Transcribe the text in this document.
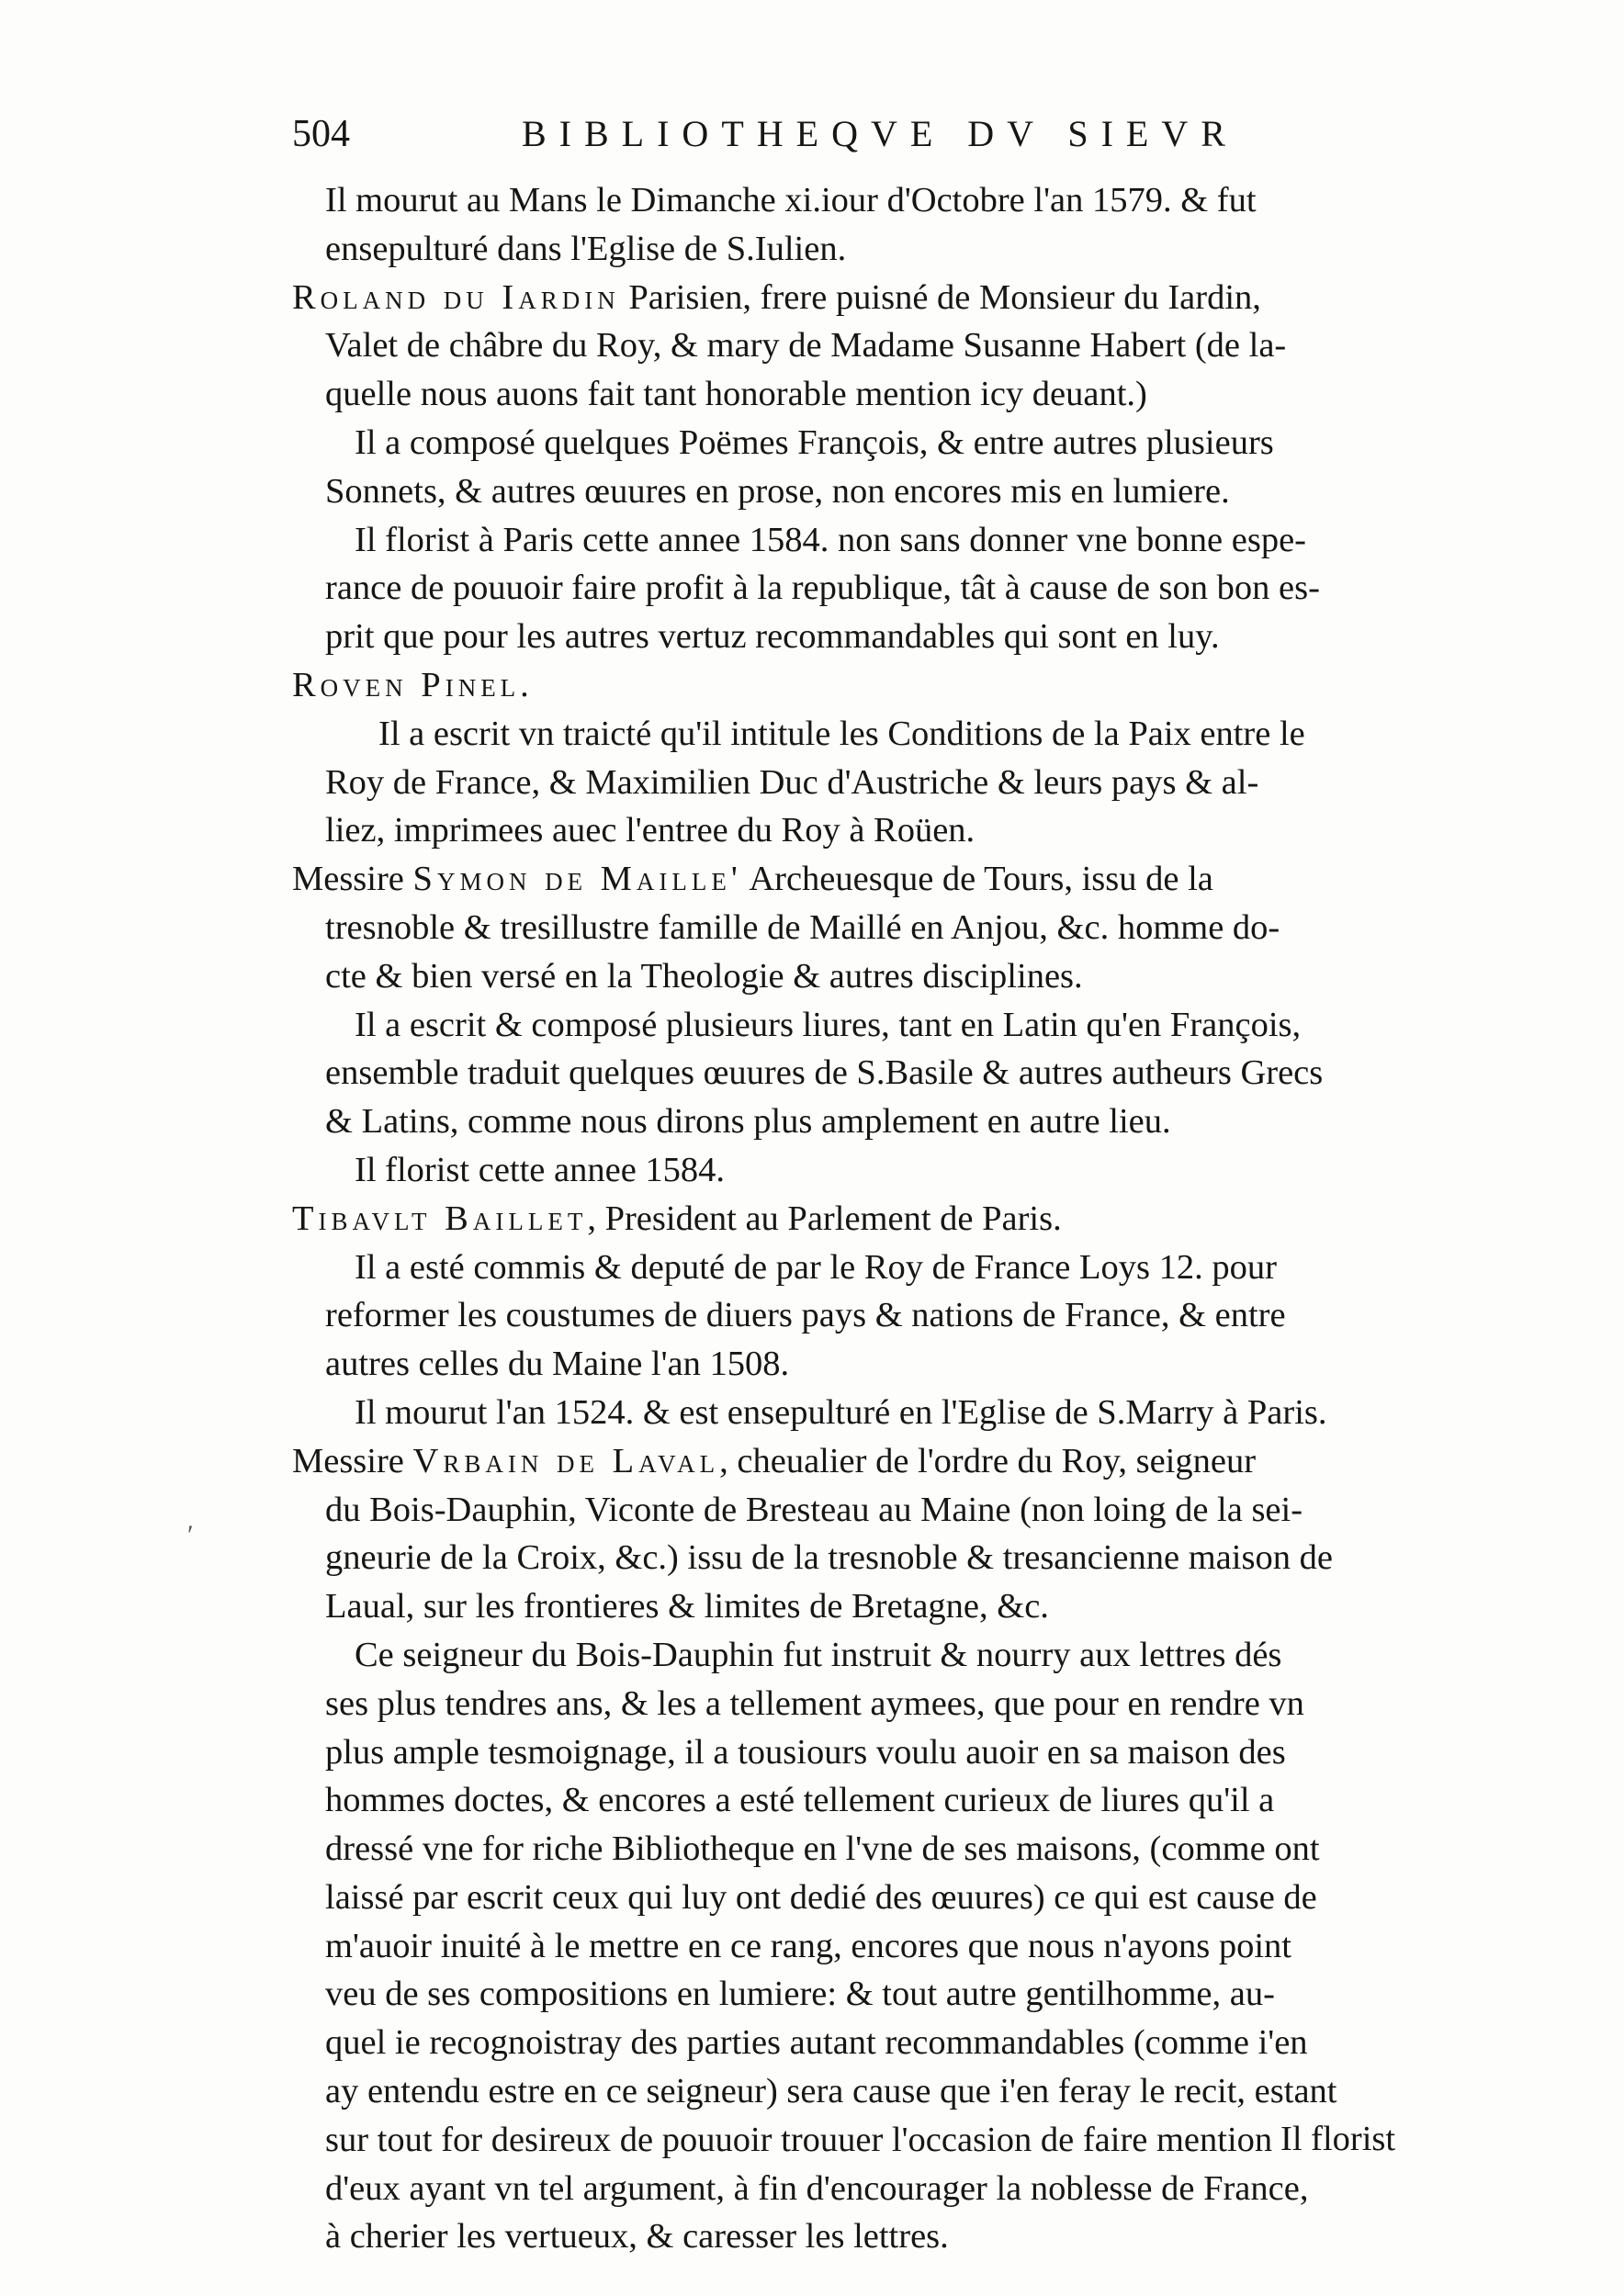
504	BIBLIOTHEQVE DV SIEVR
Il mourut au Mans le Dimanche xi.iour d'Octobre l'an 1579. & fut
ensepulturé dans l'Eglise de S.Iulien.
Roland du Iardin Parisien, frere puisné de Monsieur du Iardin,
Valet de châbre du Roy, & mary de Madame Susanne Habert (de la-
quelle nous auons fait tant honorable mention icy deuant.)
Il a composé quelques Poëmes François, & entre autres plusieurs
Sonnets, & autres œuures en prose, non encores mis en lumiere.
Il florist à Paris cette annee 1584. non sans donner vne bonne espe-
rance de pouuoir faire profit à la republique, tât à cause de son bon es-
prit que pour les autres vertuz recommandables qui sont en luy.
Roven Pinel.
Il a escrit vn traicté qu'il intitule les Conditions de la Paix entre le
Roy de France, & Maximilien Duc d'Austriche & leurs pays & al-
liez, imprimees auec l'entree du Roy à Roüen.
Messire Symon de Maille' Archeuesque de Tours, issu de la
tresnoble & tresillustre famille de Maillé en Anjou, &c. homme do-
cte & bien versé en la Theologie & autres disciplines.
Il a escrit & composé plusieurs liures, tant en Latin qu'en François,
ensemble traduit quelques œuures de S.Basile & autres autheurs Grecs
& Latins, comme nous dirons plus amplement en autre lieu.
Il florist cette annee 1584.
Tibavlt Baillet, President au Parlement de Paris.
Il a esté commis & deputé de par le Roy de France Loys 12. pour
reformer les coustumes de diuers pays & nations de France, & entre
autres celles du Maine l'an 1508.
Il mourut l'an 1524. & est ensepulturé en l'Eglise de S.Marry à Paris.
Messire Vrbain de Laval, cheualier de l'ordre du Roy, seigneur
du Bois-Dauphin, Viconte de Bresteau au Maine (non loing de la sei-
gneurie de la Croix, &c.) issu de la tresnoble & tresancienne maison de
Laual, sur les frontieres & limites de Bretagne, &c.
Ce seigneur du Bois-Dauphin fut instruit & nourry aux lettres dés
ses plus tendres ans, & les a tellement aymees, que pour en rendre vn
plus ample tesmoignage, il a tousiours voulu auoir en sa maison des
hommes doctes, & encores a esté tellement curieux de liures qu'il a
dressé vne for riche Bibliotheque en l'vne de ses maisons, (comme ont
laissé par escrit ceux qui luy ont dedié des œuures) ce qui est cause de
m'auoir inuité à le mettre en ce rang, encores que nous n'ayons point
veu de ses compositions en lumiere: & tout autre gentilhomme, au-
quel ie recognoistray des parties autant recommandables (comme i'en
ay entendu estre en ce seigneur) sera cause que i'en feray le recit, estant
sur tout for desireux de pouuoir trouuer l'occasion de faire mention
d'eux ayant vn tel argument, à fin d'encourager la noblesse de France,
à cherier les vertueux, & caresser les lettres.
ʹ
Il florist
